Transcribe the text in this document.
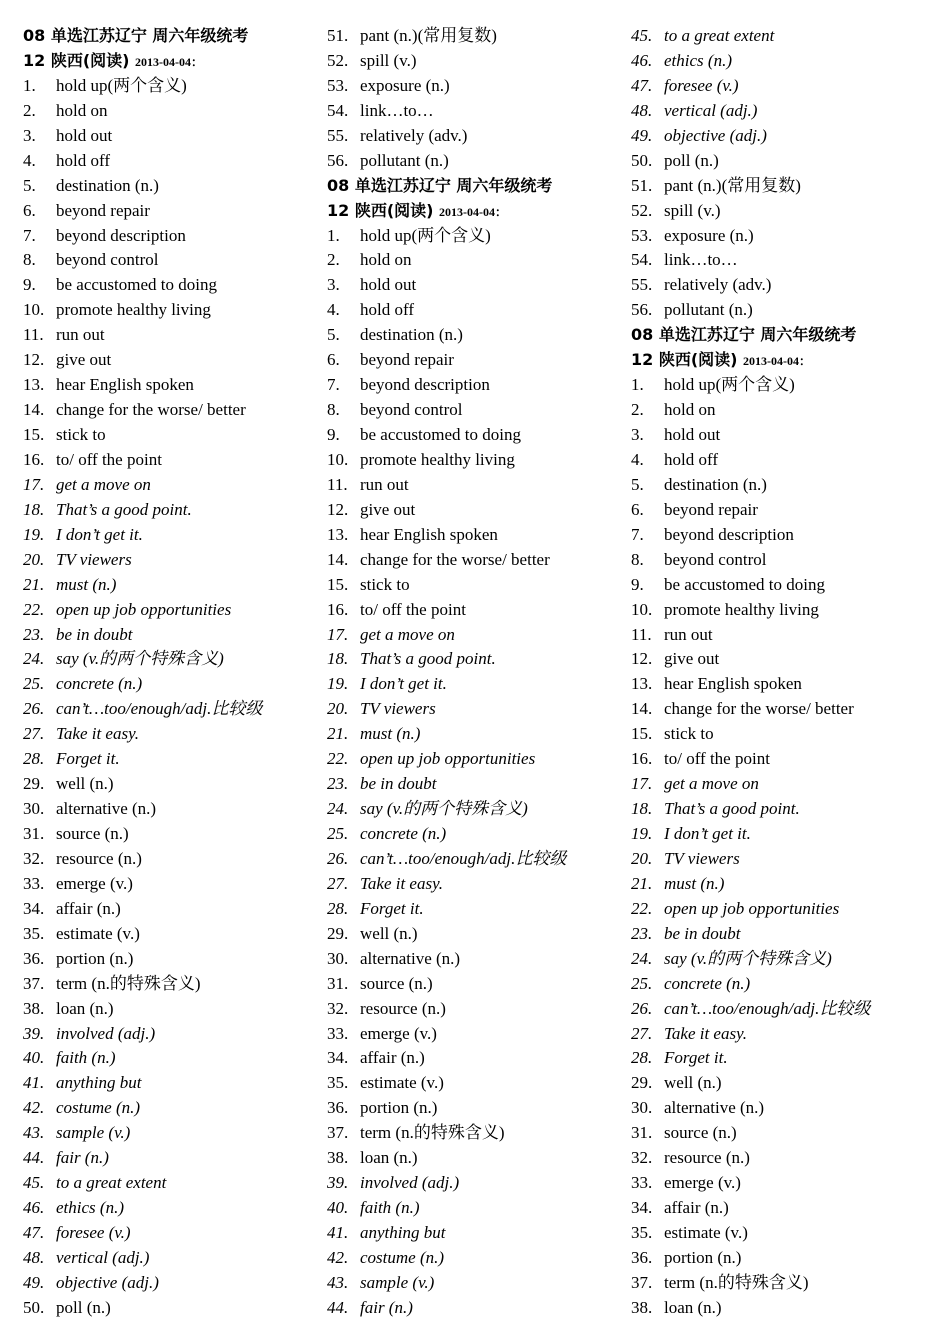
08 单选江苏辽宁 周六年级统考
12 陕西(阅读) 2013-04-04：
1. hold up(两个含义)
2. hold on
3. hold out
4. hold off
5. destination (n.)
6. beyond repair
7. beyond description
8. beyond control
9. be accustomed to doing
10. promote healthy living
11. run out
12. give out
13. hear English spoken
14. change for the worse/ better
15. stick to
16. to/ off the point
17. get a move on
18. That’s a good point.
19. I don’t get it.
20. TV viewers
21. must (n.)
22. open up job opportunities
23. be in doubt
24. say (v.的两个特殊含义)
25. concrete (n.)
26. can’t…too/enough/adj.比较级
27. Take it easy.
28. Forget it.
29. well (n.)
30. alternative (n.)
31. source (n.)
32. resource (n.)
33. emerge (v.)
34. affair (n.)
35. estimate (v.)
36. portion (n.)
37. term (n.的特殊含义)
38. loan (n.)
39. involved (adj.)
40. faith (n.)
41. anything but
42. costume (n.)
43. sample (v.)
44. fair (n.)
45. to a great extent
46. ethics (n.)
47. foresee (v.)
48. vertical (adj.)
49. objective (adj.)
50. poll (n.)
51. pant (n.)(常用复数)
52. spill (v.)
53. exposure (n.)
54. link…to…
55. relatively (adv.)
56. pollutant (n.)
08 单选江苏辽宁 周六年级统考
12 陕西(阅读) 2013-04-04：
1. hold up(两个含义)
2. hold on
3. hold out
4. hold off
5. destination (n.)
6. beyond repair
7. beyond description
8. beyond control
9. be accustomed to doing
10. promote healthy living
11. run out
12. give out
13. hear English spoken
14. change for the worse/ better
15. stick to
16. to/ off the point
17. get a move on
18. That’s a good point.
19. I don’t get it.
20. TV viewers
21. must (n.)
22. open up job opportunities
23. be in doubt
24. say (v.的两个特殊含义)
25. concrete (n.)
26. can’t…too/enough/adj.比较级
27. Take it easy.
28. Forget it.
29. well (n.)
30. alternative (n.)
31. source (n.)
32. resource (n.)
33. emerge (v.)
34. affair (n.)
35. estimate (v.)
36. portion (n.)
37. term (n.的特殊含义)
38. loan (n.)
39. involved (adj.)
40. faith (n.)
41. anything but
42. costume (n.)
43. sample (v.)
44. fair (n.)
45. to a great extent
46. ethics (n.)
47. foresee (v.)
48. vertical (adj.)
49. objective (adj.)
50. poll (n.)
51. pant (n.)(常用复数)
52. spill (v.)
53. exposure (n.)
54. link…to…
55. relatively (adv.)
56. pollutant (n.)
08 单选江苏辽宁 周六年级统考
12 陕西(阅读) 2013-04-04：
1. hold up(两个含义)
2. hold on
3. hold out
4. hold off
5. destination (n.)
6. beyond repair
7. beyond description
8. beyond control
9. be accustomed to doing
10. promote healthy living
11. run out
12. give out
13. hear English spoken
14. change for the worse/ better
15. stick to
16. to/ off the point
17. get a move on
18. That’s a good point.
19. I don’t get it.
20. TV viewers
21. must (n.)
22. open up job opportunities
23. be in doubt
24. say (v.的两个特殊含义)
25. concrete (n.)
26. can’t…too/enough/adj.比较级
27. Take it easy.
28. Forget it.
29. well (n.)
30. alternative (n.)
31. source (n.)
32. resource (n.)
33. emerge (v.)
34. affair (n.)
35. estimate (v.)
36. portion (n.)
37. term (n.的特殊含义)
38. loan (n.)
